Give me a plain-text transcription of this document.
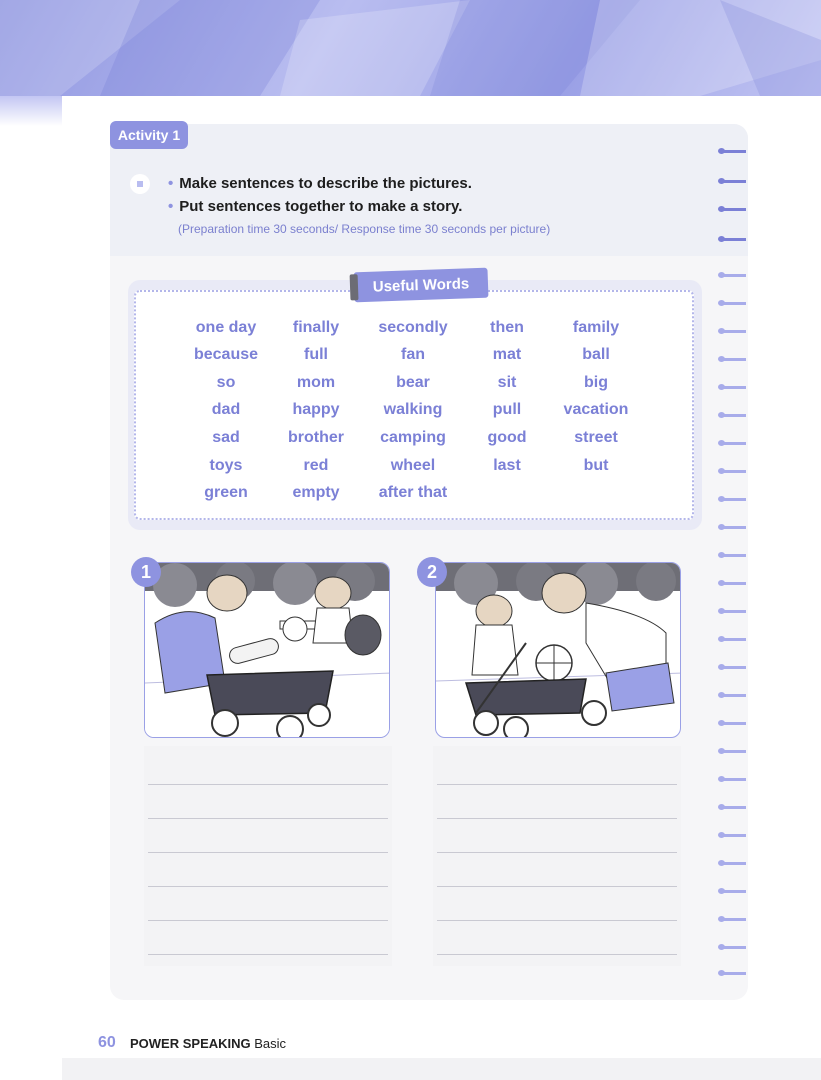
Activity 1
• Make sentences to describe the pictures.
• Put sentences together to make a story.
(Preparation time 30 seconds/ Response time 30 seconds per picture)
Useful Words
one day
because
so
dad
sad
toys
green
finally
full
mom
happy
brother
red
empty
secondly
fan
bear
walking
camping
wheel
after that
then
mat
sit
pull
good
last
family
ball
big
vacation
street
but
1	2
60 POWER SPEAKING Basic
